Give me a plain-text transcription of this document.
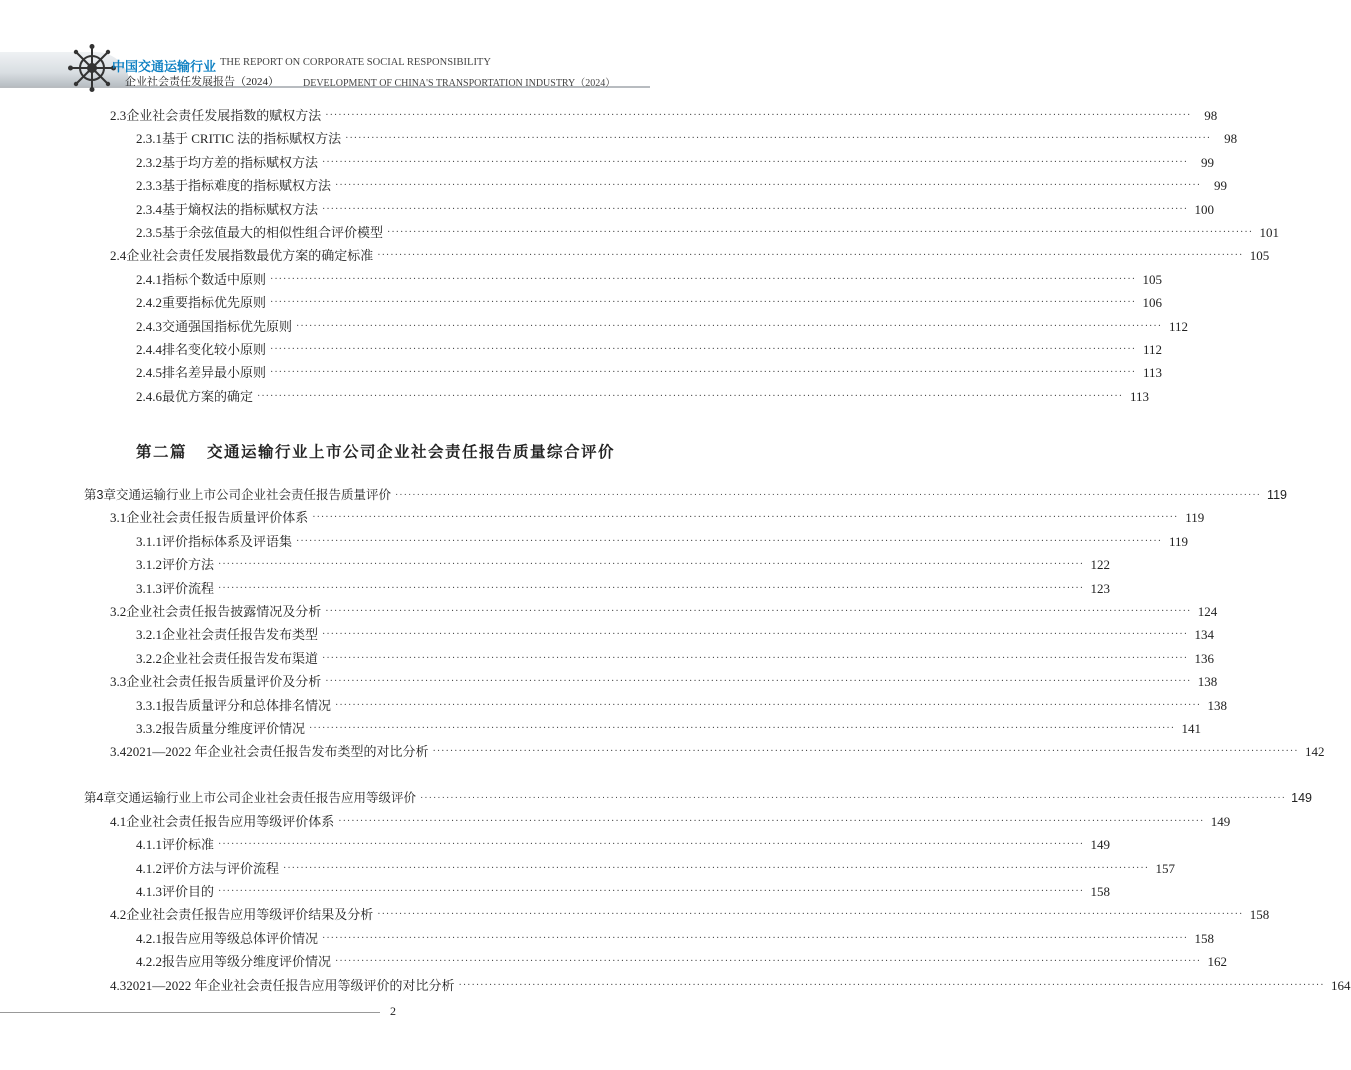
中国交通运输行业 THE REPORT ON CORPORATE SOCIAL RESPONSIBILITY
企业社会责任发展报告（2024） DEVELOPMENT OF CHINA'S TRANSPORTATION INDUSTRY（2024）
2.3 企业社会责任发展指数的赋权方法 ········································································································································································································	98
2.3.1 基于 CRITIC 法的指标赋权方法 ········································································································································································································	98
2.3.2 基于均方差的指标赋权方法 ········································································································································································································	99
2.3.3 基于指标难度的指标赋权方法 ········································································································································································································	99
2.3.4 基于熵权法的指标赋权方法 ········································································································································································································ 100
2.3.5 基于余弦值最大的相似性组合评价模型 ········································································································································································································ 101
2.4 企业社会责任发展指数最优方案的确定标准 ········································································································································································································ 105
2.4.1 指标个数适中原则 ········································································································································································································ 105
2.4.2 重要指标优先原则 ········································································································································································································ 106
2.4.3 交通强国指标优先原则 ········································································································································································································ 112
2.4.4 排名变化较小原则 ········································································································································································································ 112
2.4.5 排名差异最小原则 ········································································································································································································ 113
2.4.6 最优方案的确定 ········································································································································································································ 113
第二篇 交通运输行业上市公司企业社会责任报告质量综合评价
第3章 交通运输行业上市公司企业社会责任报告质量评价 ········································································································································································································ 119
3.1 企业社会责任报告质量评价体系 ········································································································································································································ 119
3.1.1 评价指标体系及评语集 ········································································································································································································ 119
3.1.2 评价方法 ········································································································································································································ 122
3.1.3 评价流程 ········································································································································································································ 123
3.2 企业社会责任报告披露情况及分析 ········································································································································································································ 124
3.2.1 企业社会责任报告发布类型 ········································································································································································································ 134
3.2.2 企业社会责任报告发布渠道 ········································································································································································································ 136
3.3 企业社会责任报告质量评价及分析 ········································································································································································································ 138
3.3.1 报告质量评分和总体排名情况 ········································································································································································································ 138
3.3.2 报告质量分维度评价情况 ········································································································································································································ 141
3.4 2021—2022 年企业社会责任报告发布类型的对比分析 ········································································································································································································ 142
第4章 交通运输行业上市公司企业社会责任报告应用等级评价 ········································································································································································································ 149
4.1 企业社会责任报告应用等级评价体系 ········································································································································································································ 149
4.1.1 评价标准 ········································································································································································································ 149
4.1.2 评价方法与评价流程 ········································································································································································································ 157
4.1.3 评价目的 ········································································································································································································ 158
4.2 企业社会责任报告应用等级评价结果及分析 ········································································································································································································ 158
4.2.1 报告应用等级总体评价情况 ········································································································································································································ 158
4.2.2 报告应用等级分维度评价情况 ········································································································································································································ 162
4.3 2021—2022 年企业社会责任报告应用等级评价的对比分析 ········································································································································································································ 164
2
